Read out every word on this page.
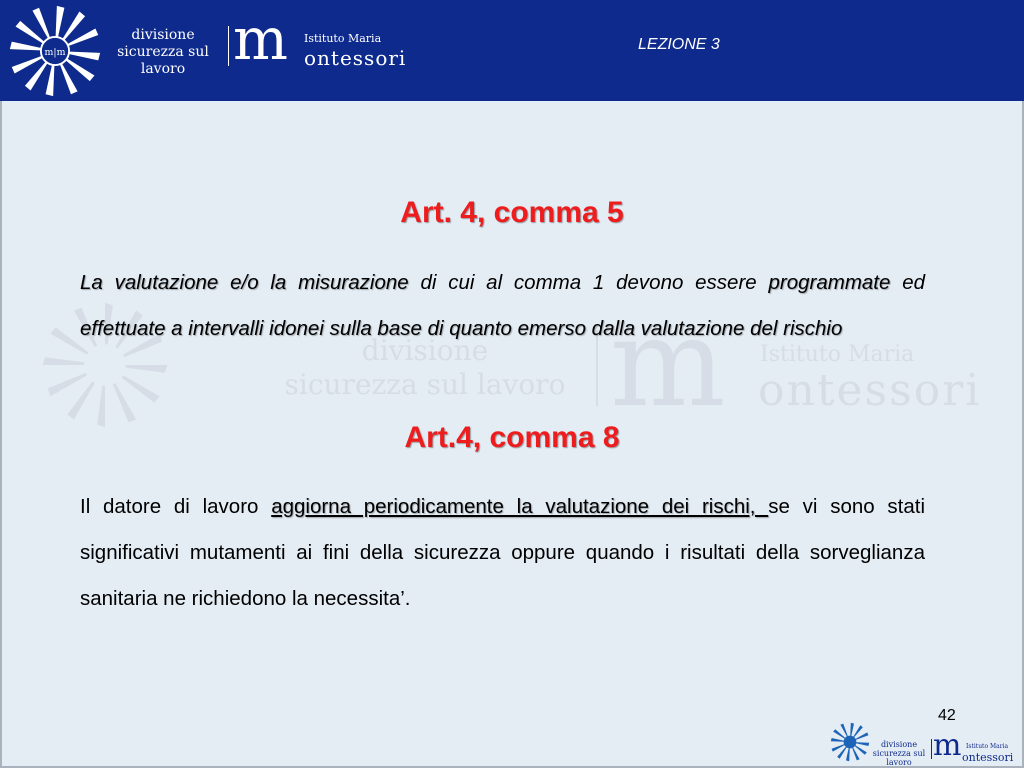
divisione
sicurezza sul lavoro m Istituto Maria
ontessori
m|m
divisione
sicurezza sul lavoro m Istituto Maria
ontessori
LEZIONE 3
Art. 4, comma 5
La valutazione e/o la misurazione di cui al comma 1 devono essere programmate ed effettuate a intervalli idonei sulla base di quanto emerso dalla valutazione del rischio
Art.4, comma 8
Il datore di lavoro aggiorna periodicamente la valutazione dei rischi, se vi sono stati significativi mutamenti ai fini della sicurezza oppure quando i risultati della sorveglianza sanitaria ne richiedono la necessita’.
42
divisione
sicurezza sul lavoro m Istituto Maria
ontessori
